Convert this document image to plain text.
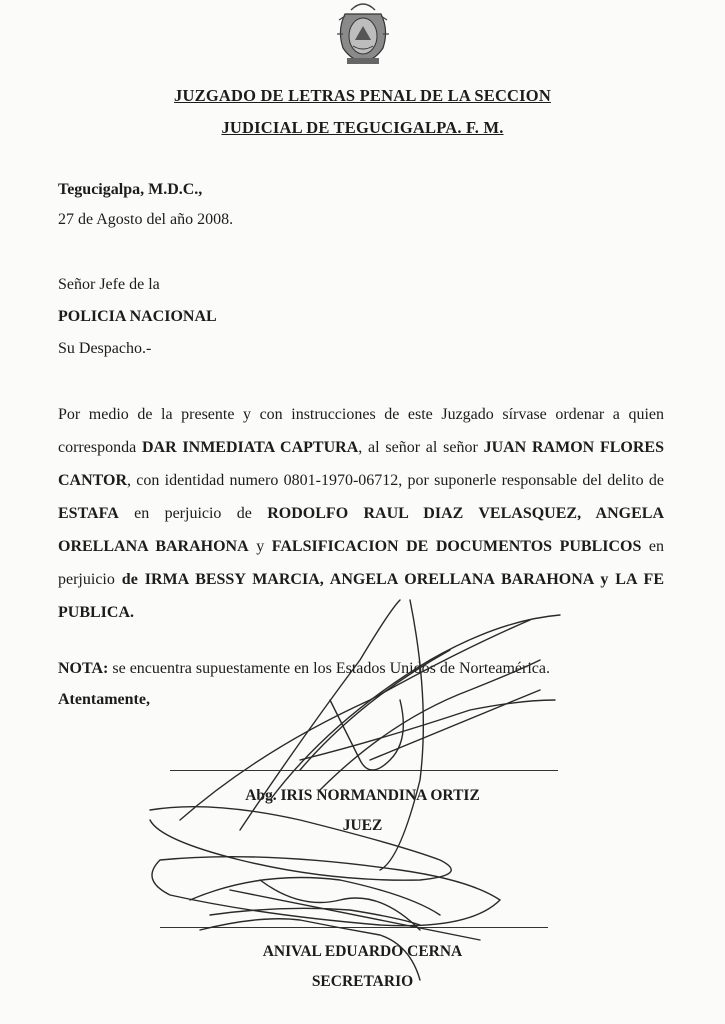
JUZGADO DE LETRAS PENAL DE LA SECCION
JUDICIAL DE TEGUCIGALPA. F. M.
Tegucigalpa, M.D.C.,
27 de Agosto del año 2008.
Señor Jefe de la
POLICIA NACIONAL
Su Despacho.-
Por medio de la presente y con instrucciones de este Juzgado sírvase ordenar a quien corresponda DAR INMEDIATA CAPTURA, al señor al señor JUAN RAMON FLORES CANTOR, con identidad numero 0801-1970-06712, por suponerle responsable del delito de ESTAFA en perjuicio de RODOLFO RAUL DIAZ VELASQUEZ, ANGELA ORELLANA BARAHONA y FALSIFICACION DE DOCUMENTOS PUBLICOS en perjuicio de IRMA BESSY MARCIA, ANGELA ORELLANA BARAHONA y LA FE PUBLICA.
NOTA: se encuentra supuestamente en los Estados Unidos de Norteamérica.
Atentamente,
Abg. IRIS NORMANDINA ORTIZ
JUEZ
ANIVAL EDUARDO CERNA
SECRETARIO
